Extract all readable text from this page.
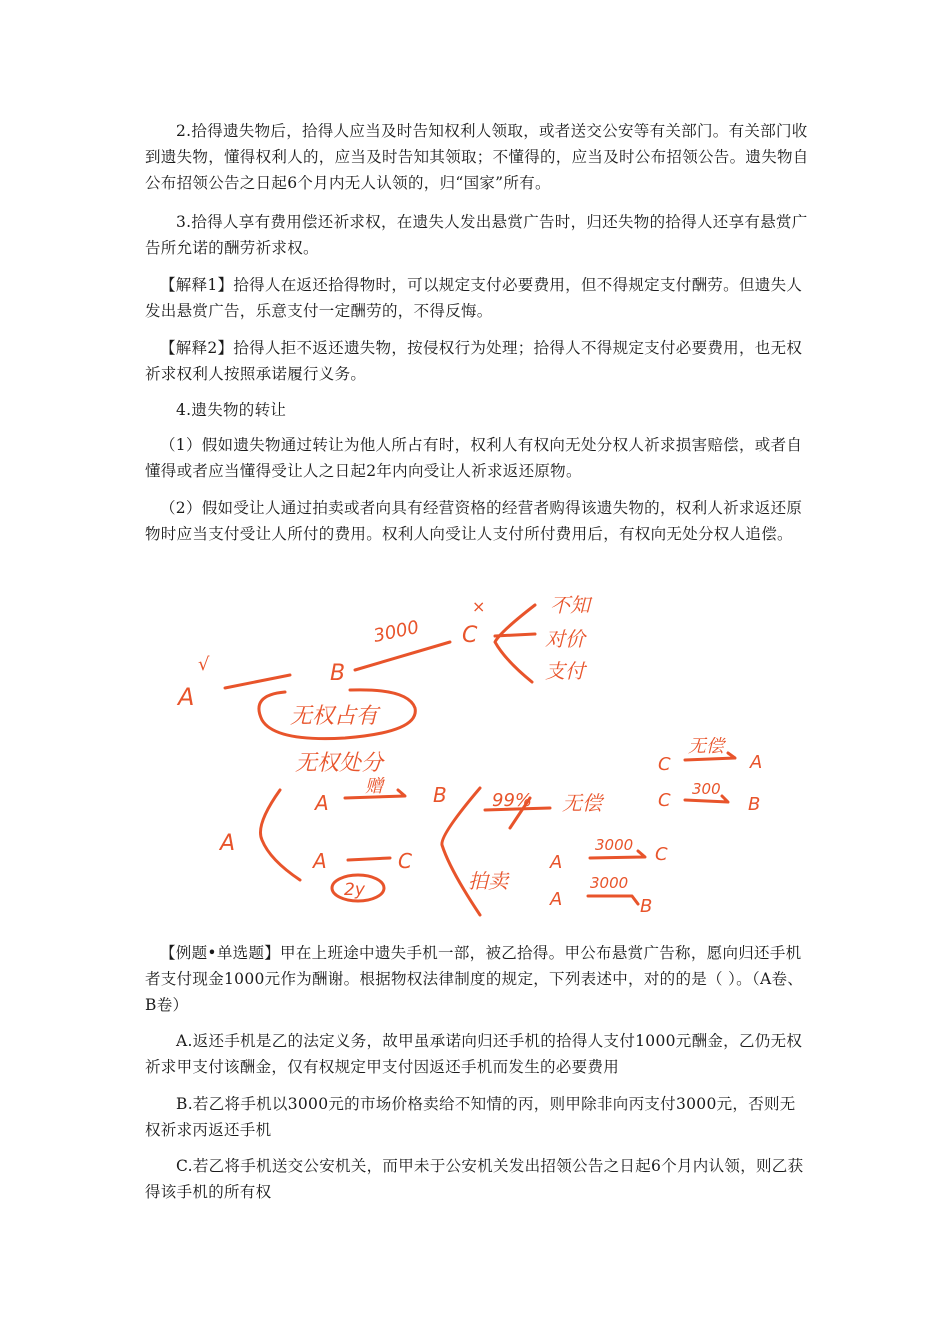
2.拾得遗失物后，拾得人应当及时告知权利人领取，或者送交公安等有关部门。有关部门收到遗失物，懂得权利人的，应当及时告知其领取；不懂得的，应当及时公布招领公告。遗失物自公布招领公告之日起6个月内无人认领的，归“国家”所有。

3.拾得人享有费用偿还祈求权，在遗失人发出悬赏广告时，归还失物的拾得人还享有悬赏广告所允诺的酬劳祈求权。

【解释1】拾得人在返还拾得物时，可以规定支付必要费用，但不得规定支付酬劳。但遗失人发出悬赏广告，乐意支付一定酬劳的，不得反悔。

【解释2】拾得人拒不返还遗失物，按侵权行为处理；拾得人不得规定支付必要费用，也无权祈求权利人按照承诺履行义务。

4.遗失物的转让

（1）假如遗失物通过转让为他人所占有时，权利人有权向无处分权人祈求损害赔偿，或者自懂得或者应当懂得受让人之日起2年内向受让人祈求返还原物。

（2）假如受让人通过拍卖或者向具有经营资格的经营者购得该遗失物的，权利人祈求返还原物时应当支付受让人所付的费用。权利人向受让人支付所付费用后，有权向无处分权人追偿。

A
√	B
3000 C
×	不知
对价
支付
无权占有
无权处分
A
A
赠	B
A	C
2y
99% 无偿
拍卖
C
无偿
A
C
300
B
A
3000 C
A
3000
B

【例题•单选题】甲在上班途中遗失手机一部，被乙拾得。甲公布悬赏广告称，愿向归还手机者支付现金1000元作为酬谢。根据物权法律制度的规定，下列表述中，对的的是（ ）。（A卷、B卷）

A.返还手机是乙的法定义务，故甲虽承诺向归还手机的拾得人支付1000元酬金，乙仍无权祈求甲支付该酬金，仅有权规定甲支付因返还手机而发生的必要费用

B.若乙将手机以3000元的市场价格卖给不知情的丙，则甲除非向丙支付3000元，否则无权祈求丙返还手机

C.若乙将手机送交公安机关，而甲未于公安机关发出招领公告之日起6个月内认领，则乙获得该手机的所有权
